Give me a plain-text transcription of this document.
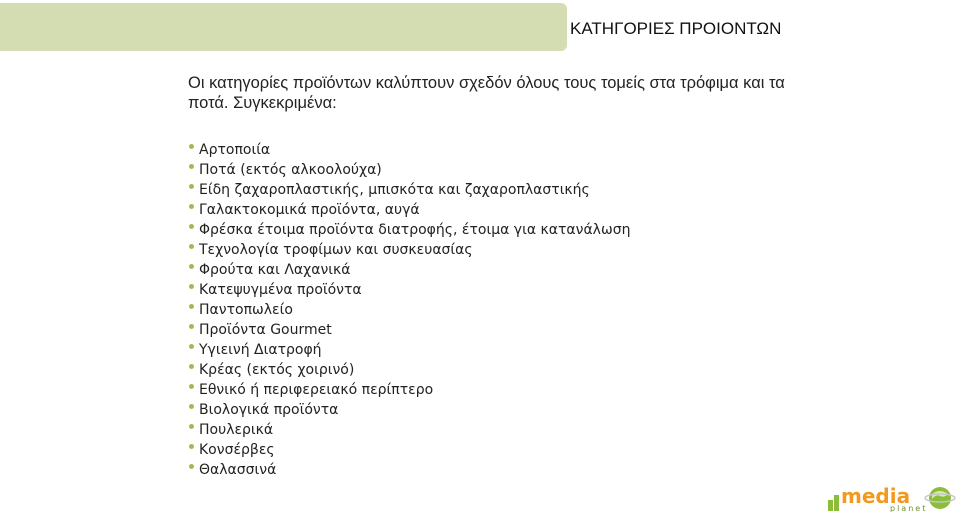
ΚΑΤΗΓΟΡΙΕΣ ΠΡΟΙΟΝΤΩΝ
Οι κατηγορίες προϊόντων καλύπτουν σχεδόν όλους τους τομείς στα τρόφιμα και τα ποτά. Συγκεκριμένα:
Αρτοποιία
Ποτά (εκτός αλκοολούχα)
Είδη ζαχαροπλαστικής, μπισκότα και ζαχαροπλαστικής
Γαλακτοκομικά προϊόντα, αυγά
Φρέσκα έτοιμα προϊόντα διατροφής, έτοιμα για κατανάλωση
Τεχνολογία τροφίμων και συσκευασίας
Φρούτα και Λαχανικά
Κατεψυγμένα προϊόντα
Παντοπωλείο
Προϊόντα Gourmet
Υγιεινή Διατροφή
Κρέας (εκτός χοιρινό)
Εθνικό ή περιφερειακό περίπτερο
Βιολογικά προϊόντα
Πουλερικά
Κονσέρβες
Θαλασσινά
media
planet
